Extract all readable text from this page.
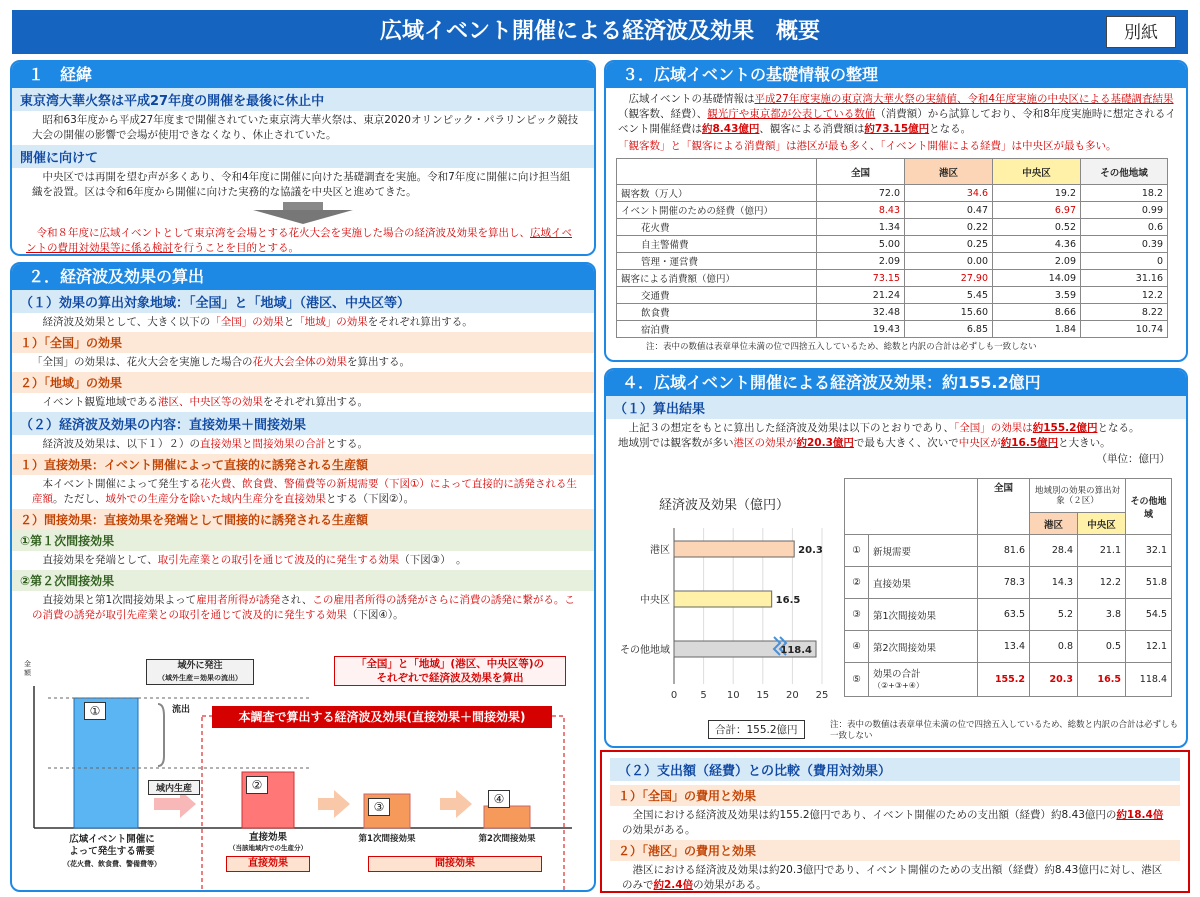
広域イベント開催による経済波及効果　概要	別紙
１　経緯
東京湾大華火祭は平成27年度の開催を最後に休止中
　昭和63年度から平成27年度まで開催されていた東京湾大華火祭は、東京2020オリンピック・パラリンピック競技大会の開催の影響で会場が使用できなくなり、休止されていた。
開催に向けて
　中央区では再開を望む声が多くあり、令和4年度に開催に向けた基礎調査を実施。令和7年度に開催に向け担当組織を設置。区は令和6年度から開催に向けた実務的な協議を中央区と進めてきた。
　令和８年度に広域イベントとして東京湾を会場とする花火大会を実施した場合の経済波及効果を算出し、広域イベントの費用対効果等に係る検討を行うことを目的とする。
２．経済波及効果の算出
（１）効果の算出対象地域：「全国」と「地域」（港区、中央区等）
　経済波及効果として、大きく以下の「全国」の効果と「地域」の効果をそれぞれ算出する。
１）「全国」の効果
「全国」の効果は、花火大会を実施した場合の花火大会全体の効果を算出する。
２）「地域」の効果
　イベント観覧地域である港区、中央区等の効果をそれぞれ算出する。
（２）経済波及効果の内容：直接効果＋間接効果
　経済波及効果は、以下１）２）の直接効果と間接効果の合計とする。
１）直接効果：イベント開催によって直接的に誘発される生産額
　本イベント開催によって発生する花火費、飲食費、警備費等の新規需要（下図①）によって直接的に誘発される生産額。ただし、域外での生産分を除いた域内生産分を直接効果とする（下図②）。
２）間接効果：直接効果を発端として間接的に誘発される生産額
①第１次間接効果
　直接効果を発端として、取引先産業との取引を通じて波及的に発生する効果（下図③）　。
②第２次間接効果
　直接効果と第1次間接効果よって雇用者所得が誘発され、この雇用者所得の誘発がさらに消費の誘発に繋がる。この消費の誘発が取引先産業との取引を通じて波及的に発生する効果（下図④）。
金額
域外に発注
（域外生産＝効果の流出）
流出
域内生産
「全国」と「地域」(港区、中央区等)の
それぞれで経済波及効果を算出
本調査で算出する経済波及効果(直接効果＋間接効果)
①
②
③
④
広域イベント開催に
よって発生する需要
（花火費、飲食費、警備費等）
直接効果
（当該地域内での生産分）
第1次間接効果	第2次間接効果
直接効果	間接効果
３．広域イベントの基礎情報の整理
　広域イベントの基礎情報は平成27年度実施の東京湾大華火祭の実績値、令和4年度実施の中央区による基礎調査結果（観客数、経費）、観光庁や東京都が公表している数値（消費額）から試算しており、令和8年度実施時に想定されるイベント開催経費は約8.43億円、観客による消費額は約73.15億円となる。
「観客数」と「観客による消費額」は港区が最も多く、「イベント開催による経費」は中央区が最も多い。
	全国	港区	中央区	その他地域
観客数（万人）	72.0	34.6	19.2	18.2
イベント開催のための経費（億円）	8.43	0.47	6.97	0.99
花火費	1.34	0.22	0.52	0.6
自主警備費	5.00	0.25	4.36	0.39
管理・運営費	2.09	0.00	2.09	0
観客による消費額（億円）	73.15	27.90	14.09	31.16
交通費	21.24	5.45	3.59	12.2
飲食費	32.48	15.60	8.66	8.22
宿泊費	19.43	6.85	1.84	10.74
注：表中の数値は表章単位未満の位で四捨五入しているため、総数と内訳の合計は必ずしも一致しない
４．広域イベント開催による経済波及効果：約155.2億円
（１）算出結果
　上記３の想定をもとに算出した経済波及効果は以下のとおりであり、「全国」の効果は約155.2億円となる。
地域別では観客数が多い港区の効果が約20.3億円で最も大きく、次いで中央区が約16.5億円と大きい。
（単位：億円）
経済波及効果（億円）
0 5 10 15 20 25
港区	20.3
中央区	16.5
その他地域	118.4
合計：155.2億円
		全国	地域別の効果の算出対象（２区）		その他地域
			港区	中央区	
①	新規需要	81.6	28.4	21.1	32.1
②	直接効果	78.3	14.3	12.2	51.8
③	第1次間接効果	63.5	5.2	3.8	54.5
④	第2次間接効果	13.4	0.8	0.5	12.1
⑤	効果の合計
（②+③+④）	155.2	20.3	16.5	118.4
注：表中の数値は表章単位未満の位で四捨五入しているため、総数と内訳の合計は必ずしも一致しない
（２）支出額（経費）との比較（費用対効果）
１）「全国」の費用と効果
　全国における経済波及効果は約155.2億円であり、イベント開催のための支出額（経費）約8.43億円の約18.4倍の効果がある。
２）「港区」の費用と効果
　港区における経済波及効果は約20.3億円であり、イベント開催のための支出額（経費）約8.43億円に対し、港区のみで約2.4倍の効果がある。
